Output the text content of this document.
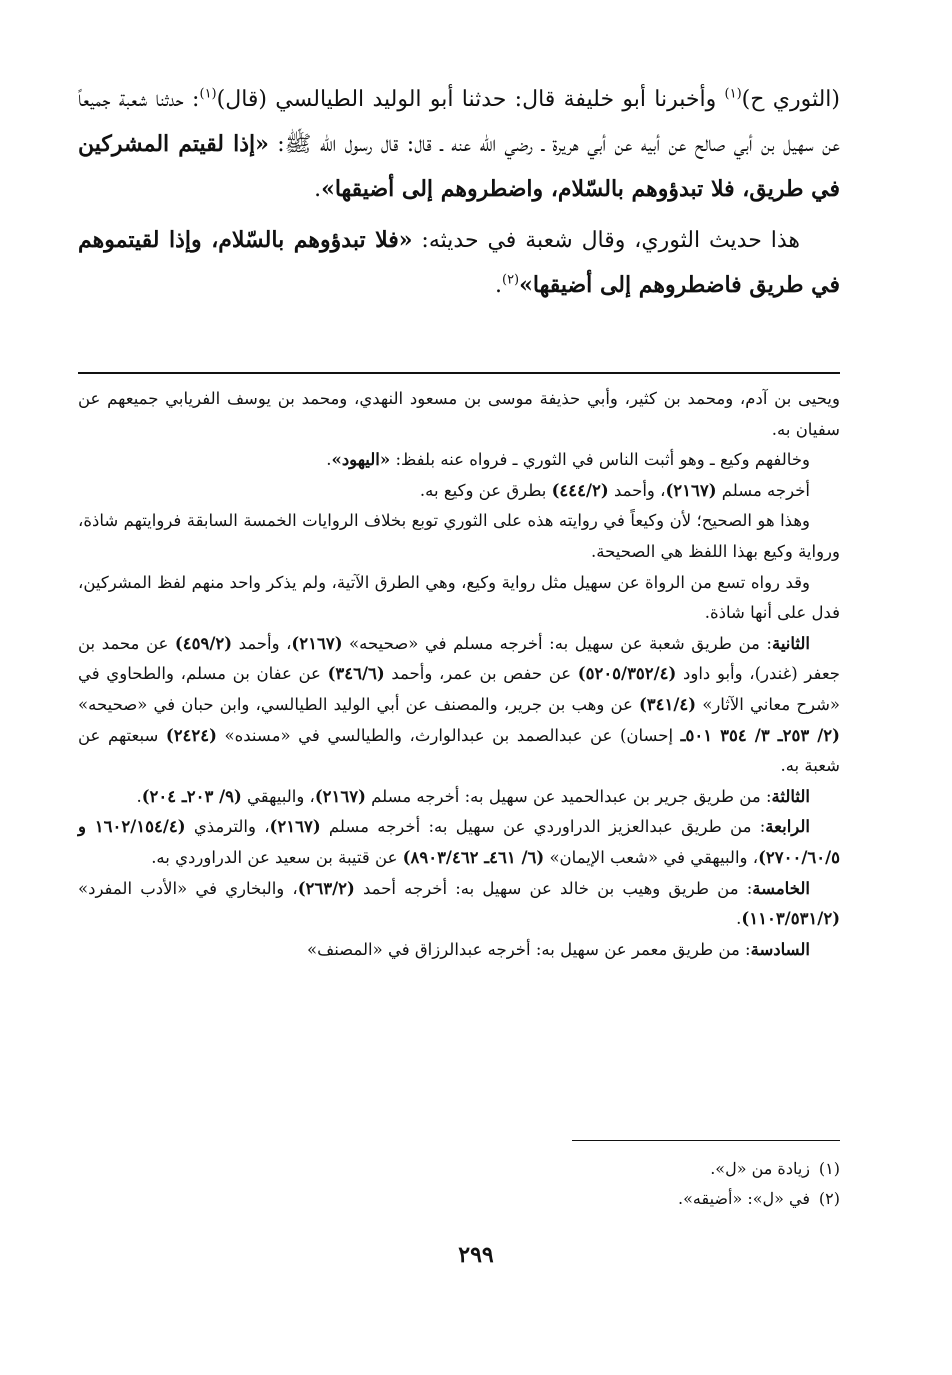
(الثوري ح)$^{(١)}$ وأخبرنا أبو خليفة قال: حدثنا أبو الوليد الطيالسي (قال)$^{(١)}$: حدثنا شعبة جميعاً عن سهيل بن أبي صالح عن أبيه عن أبي هريرة ـ رضي الله عنه ـ قال: قال رسول الله ﷺ: «إذا لقيتم المشركين في طريق، فلا تبدؤوهم بالسّلام، واضطروهم إلى أضيقها».

هذا حديث الثوري، وقال شعبة في حديثه: «فلا تبدؤوهم بالسّلام، وإذا لقيتموهم في طريق فاضطروهم إلى أضيقها»$^{(٢)}$.

ويحيى بن آدم، ومحمد بن كثير، وأبي حذيفة موسى بن مسعود النهدي، ومحمد بن يوسف الفريابي جميعهم عن سفيان به.

وخالفهم وكيع ـ وهو أثبت الناس في الثوري ـ فرواه عنه بلفظ: «اليهود».

أخرجه مسلم (٢١٦٧)، وأحمد (٤٤٤/٢) بطرق عن وكيع به.

وهذا هو الصحيح؛ لأن وكيعاً في روايته هذه على الثوري توبع بخلاف الروايات الخمسة السابقة فروايتهم شاذة، ورواية وكيع بهذا اللفظ هي الصحيحة.

وقد رواه تسع من الرواة عن سهيل مثل رواية وكيع، وهي الطرق الآتية، ولم يذكر واحد منهم لفظ المشركين، فدل على أنها شاذة.

الثانية: من طريق شعبة عن سهيل به: أخرجه مسلم في «صحيحه» (٢١٦٧)، وأحمد (٤٥٩/٢) عن محمد بن جعفر (غندر)، وأبو داود (٥٢٠٥/٣٥٢/٤) عن حفص بن عمر، وأحمد (٣٤٦/٦) عن عفان بن مسلم، والطحاوي في «شرح معاني الآثار» (٣٤١/٤) عن وهب بن جرير، والمصنف عن أبي الوليد الطيالسي، وابن حبان في «صحيحه» (٢/ ٢٥٣ـ ٣/ ٣٥٤ ٥٠١ـ إحسان) عن عبدالصمد بن عبدالوارث، والطيالسي في «مسنده» (٢٤٢٤) سبعتهم عن شعبة به.

الثالثة: من طريق جرير بن عبدالحميد عن سهيل به: أخرجه مسلم (٢١٦٧)، والبيهقي (٩/ ٢٠٣ـ ٢٠٤).

الرابعة: من طريق عبدالعزيز الدراوردي عن سهيل به: أخرجه مسلم (٢١٦٧)، والترمذي (١٦٠٢/١٥٤/٤ و ٢٧٠٠/٦٠/٥)، والبيهقي في «شعب الإيمان» (٦/ ٤٦١ـ ٨٩٠٣/٤٦٢) عن قتيبة بن سعيد عن الدراوردي به.

الخامسة: من طريق وهيب بن خالد عن سهيل به: أخرجه أحمد (٢٦٣/٢)، والبخاري في «الأدب المفرد» (١١٠٣/٥٣١/٢).

السادسة: من طريق معمر عن سهيل به: أخرجه عبدالرزاق في «المصنف»

(١)زيادة من «ل».

(٢)في «ل»: «أضيقه».

٢٩٩
